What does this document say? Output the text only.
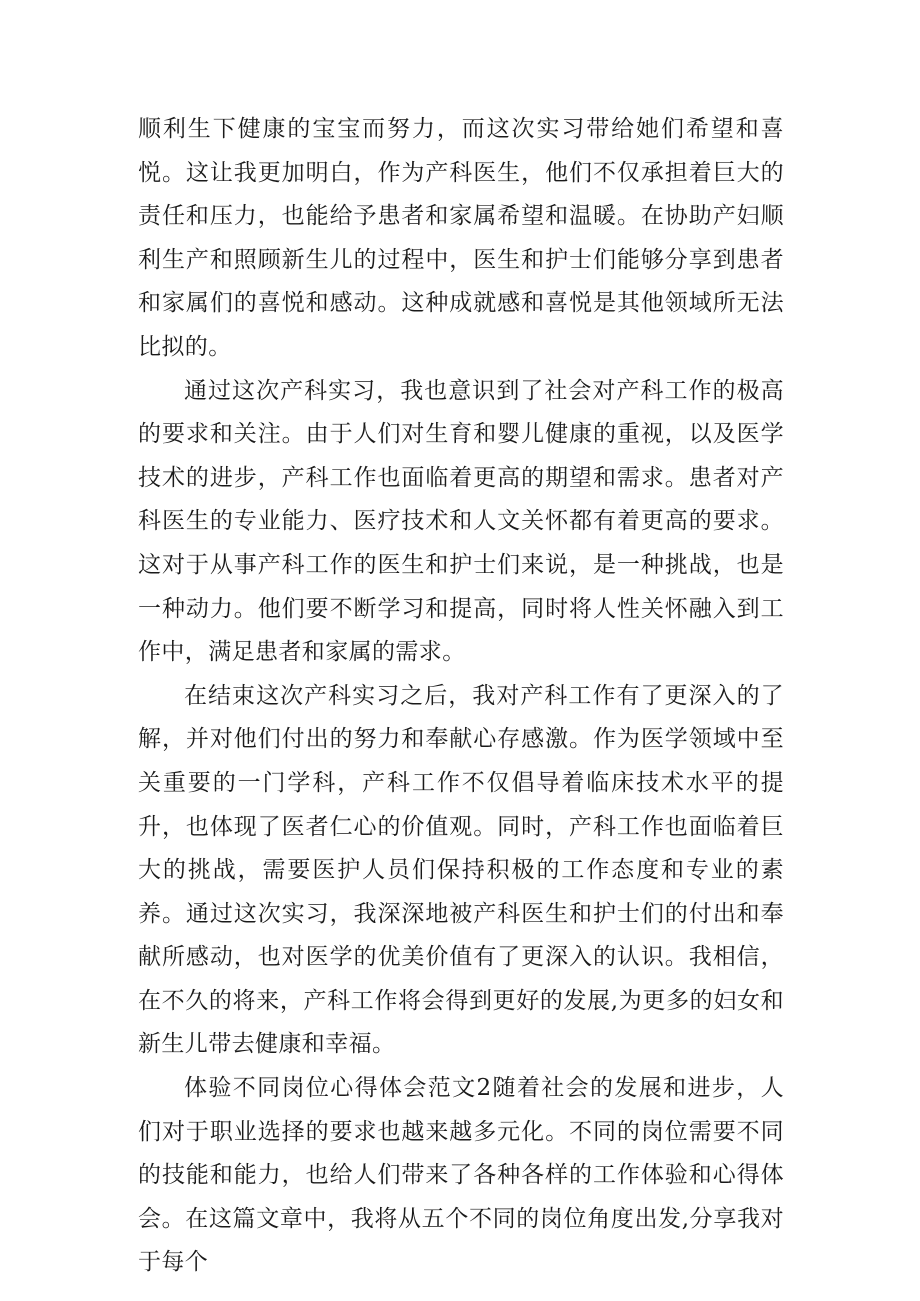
顺利生下健康的宝宝而努力，而这次实习带给她们希望和喜悦。这让我更加明白，作为产科医生，他们不仅承担着巨大的责任和压力，也能给予患者和家属希望和温暖。在协助产妇顺利生产和照顾新生儿的过程中，医生和护士们能够分享到患者和家属们的喜悦和感动。这种成就感和喜悦是其他领域所无法比拟的。

通过这次产科实习，我也意识到了社会对产科工作的极高的要求和关注。由于人们对生育和婴儿健康的重视，以及医学技术的进步，产科工作也面临着更高的期望和需求。患者对产科医生的专业能力、医疗技术和人文关怀都有着更高的要求。这对于从事产科工作的医生和护士们来说，是一种挑战，也是一种动力。他们要不断学习和提高，同时将人性关怀融入到工作中，满足患者和家属的需求。

在结束这次产科实习之后，我对产科工作有了更深入的了解，并对他们付出的努力和奉献心存感激。作为医学领域中至关重要的一门学科，产科工作不仅倡导着临床技术水平的提升，也体现了医者仁心的价值观。同时，产科工作也面临着巨大的挑战，需要医护人员们保持积极的工作态度和专业的素养。通过这次实习，我深深地被产科医生和护士们的付出和奉献所感动，也对医学的优美价值有了更深入的认识。我相信，在不久的将来，产科工作将会得到更好的发展,为更多的妇女和新生儿带去健康和幸福。

体验不同岗位心得体会范文2随着社会的发展和进步，人们对于职业选择的要求也越来越多元化。不同的岗位需要不同的技能和能力，也给人们带来了各种各样的工作体验和心得体会。在这篇文章中，我将从五个不同的岗位角度出发,分享我对于每个
